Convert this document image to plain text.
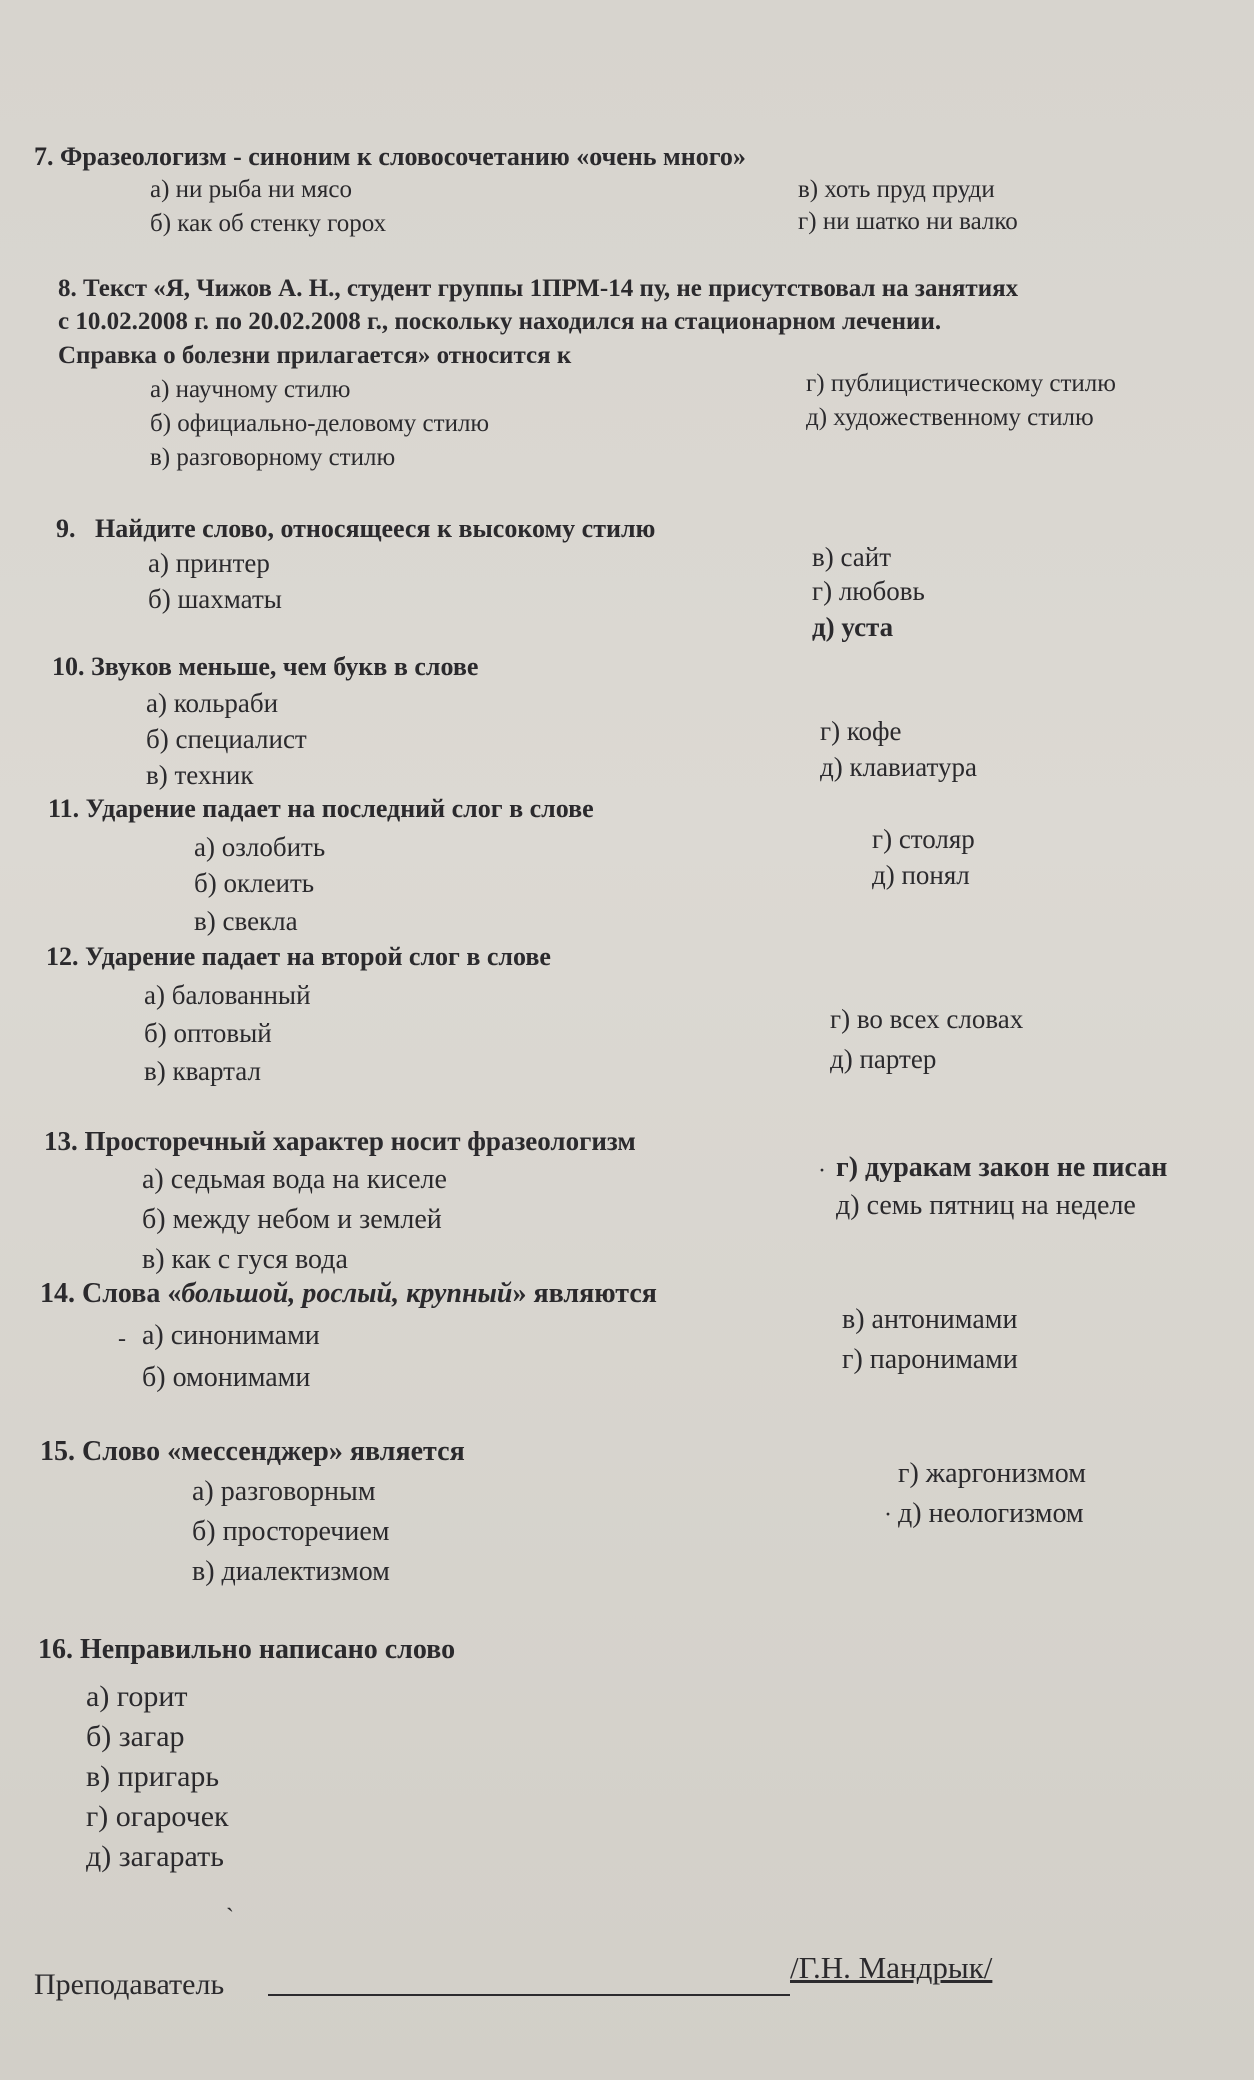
7. Фразеологизм - синоним к словосочетанию «очень много»
а) ни рыба ни мясо
б) как об стенку горох
в) хоть пруд пруди
г) ни шатко ни валко
8. Текст «Я, Чижов А. Н., студент группы 1ПРМ-14 пу, не присутствовал на занятиях
с 10.02.2008 г. по 20.02.2008 г., поскольку находился на стационарном лечении.
Справка о болезни прилагается» относится к
а) научному стилю
б) официально-деловому стилю
в) разговорному стилю
г) публицистическому стилю
д) художественному стилю
9. Найдите слово, относящееся к высокому стилю
а) принтер
б) шахматы
в) сайт
г) любовь
д) уста
10. Звуков меньше, чем букв в слове
а) кольраби
б) специалист
в) техник
г) кофе
д) клавиатура
11. Ударение падает на последний слог в слове
а) озлобить
б) оклеить
в) свекла
г) столяр
д) понял
12. Ударение падает на второй слог в слове
а) балованный
б) оптовый
в) квартал
г) во всех словах
д) партер
13. Просторечный характер носит фразеологизм
а) седьмая вода на киселе
б) между небом и землей
в) как с гуся вода
· г) дуракам закон не писан
д) семь пятниц на неделе
14. Слова «большой, рослый, крупный» являются
- а) синонимами
б) омонимами
в) антонимами
г) паронимами
15. Слово «мессенджер» является
а) разговорным
б) просторечием
в) диалектизмом
г) жаргонизмом
· д) неологизмом
16. Неправильно написано слово
а) горит
б) загар
в) пригарь
г) огарочек
д) загарать
ˏ
Преподаватель	/Г.Н. Мандрык/
